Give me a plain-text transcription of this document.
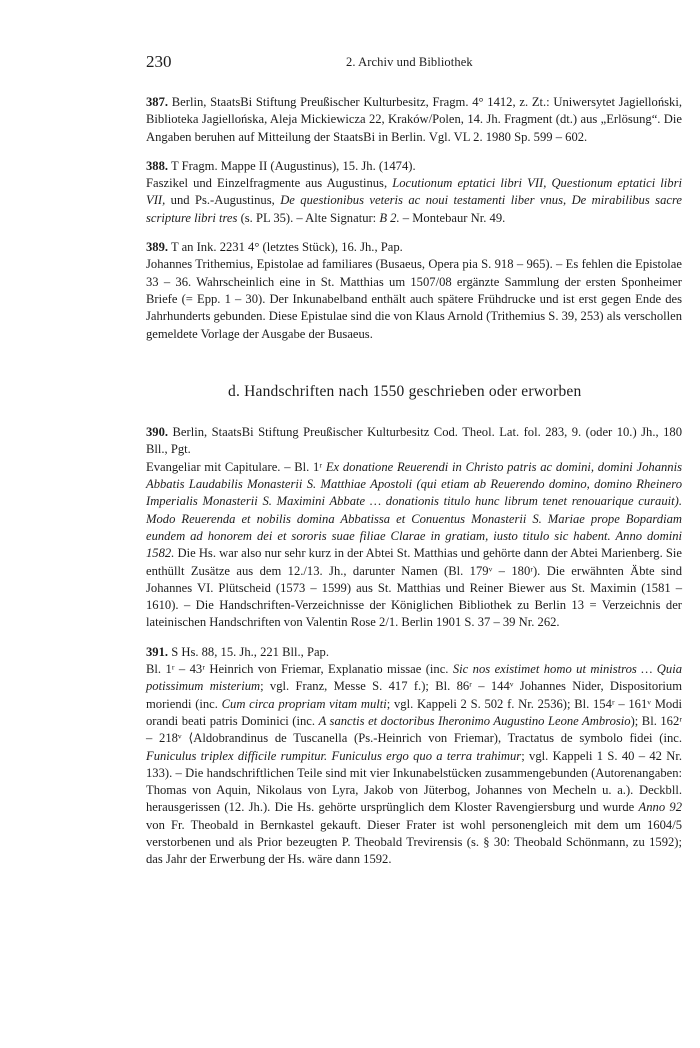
230	2. Archiv und Bibliothek

387. Berlin, StaatsBi Stiftung Preußischer Kulturbesitz, Fragm. 4° 1412, z. Zt.: Uniwersytet Jagielloński, Biblioteka Jagiellońska, Aleja Mickiewicza 22, Kraków/Polen, 14. Jh. Fragment (dt.) aus „Erlösung“. Die Angaben beruhen auf Mitteilung der StaatsBi in Berlin. Vgl. VL 2. 1980 Sp. 599 – 602.

388. T Fragm. Mappe II (Augustinus), 15. Jh. (1474).

Faszikel und Einzelfragmente aus Augustinus, Locutionum eptatici libri VII, Questionum eptatici libri VII, und Ps.-Augustinus, De questionibus veteris ac noui testamenti liber vnus, De mirabilibus sacre scripture libri tres (s. PL 35). – Alte Signatur: B 2. – Montebaur Nr. 49.

389. T an Ink. 2231 4° (letztes Stück), 16. Jh., Pap.

Johannes Trithemius, Epistolae ad familiares (Busaeus, Opera pia S. 918 – 965). – Es fehlen die Epistolae 33 – 36. Wahrscheinlich eine in St. Matthias um 1507/08 ergänzte Sammlung der ersten Sponheimer Briefe (= Epp. 1 – 30). Der Inkunabelband enthält auch spätere Frühdrucke und ist erst gegen Ende des Jahrhunderts gebunden. Diese Epistulae sind die von Klaus Arnold (Trithemius S. 39, 253) als verschollen gemeldete Vorlage der Ausgabe der Busaeus.

d. Handschriften nach 1550 geschrieben oder erworben

390. Berlin, StaatsBi Stiftung Preußischer Kulturbesitz Cod. Theol. Lat. fol. 283, 9. (oder 10.) Jh., 180 Bll., Pgt.

Evangeliar mit Capitulare. – Bl. 1ʳ Ex donatione Reuerendi in Christo patris ac domini, domini Johannis Abbatis Laudabilis Monasterii S. Matthiae Apostoli (qui etiam ab Reuerendo domino, domino Rheinero Imperialis Monasterii S. Maximini Abbate … donationis titulo hunc librum tenet renouarique curauit). Modo Reuerenda et nobilis domina Abbatissa et Conuentus Monasterii S. Mariae prope Bopardiam eundem ad honorem dei et sororis suae filiae Clarae in gratiam, iusto titulo sic habent. Anno domini 1582. Die Hs. war also nur sehr kurz in der Abtei St. Matthias und gehörte dann der Abtei Marienberg. Sie enthüllt Zusätze aus dem 12./13. Jh., darunter Namen (Bl. 179ᵛ – 180ʳ). Die erwähnten Äbte sind Johannes VI. Plütscheid (1573 – 1599) aus St. Matthias und Reiner Biewer aus St. Maximin (1581 – 1610). – Die Handschriften-Verzeichnisse der Königlichen Bibliothek zu Berlin 13 = Verzeichnis der lateinischen Handschriften von Valentin Rose 2/1. Berlin 1901 S. 37 – 39 Nr. 262.

391. S Hs. 88, 15. Jh., 221 Bll., Pap.

Bl. 1ʳ – 43ʳ Heinrich von Friemar, Explanatio missae (inc. Sic nos existimet homo ut ministros … Quia potissimum misterium; vgl. Franz, Messe S. 417 f.); Bl. 86ʳ – 144ᵛ Johannes Nider, Dispositorium moriendi (inc. Cum circa propriam vitam multi; vgl. Kappeli 2 S. 502 f. Nr. 2536); Bl. 154ʳ – 161ᵛ Modi orandi beati patris Dominici (inc. A sanctis et doctoribus Iheronimo Augustino Leone Ambrosio); Bl. 162ʳ – 218ᵛ ⟨Aldobrandinus de Tuscanella (Ps.-Heinrich von Friemar), Tractatus de symbolo fidei (inc. Funiculus triplex difficile rumpitur. Funiculus ergo quo a terra trahimur; vgl. Kappeli 1 S. 40 – 42 Nr. 133). – Die handschriftlichen Teile sind mit vier Inkunabelstücken zusammengebunden (Autorenangaben: Thomas von Aquin, Nikolaus von Lyra, Jakob von Jüterbog, Johannes von Mecheln u. a.). Deckbll. herausgerissen (12. Jh.). Die Hs. gehörte ursprünglich dem Kloster Ravengiersburg und wurde Anno 92 von Fr. Theobald in Bernkastel gekauft. Dieser Frater ist wohl personengleich mit dem um 1604/5 verstorbenen und als Prior bezeugten P. Theobald Trevirensis (s. § 30: Theobald Schönmann, zu 1592); das Jahr der Erwerbung der Hs. wäre dann 1592.
